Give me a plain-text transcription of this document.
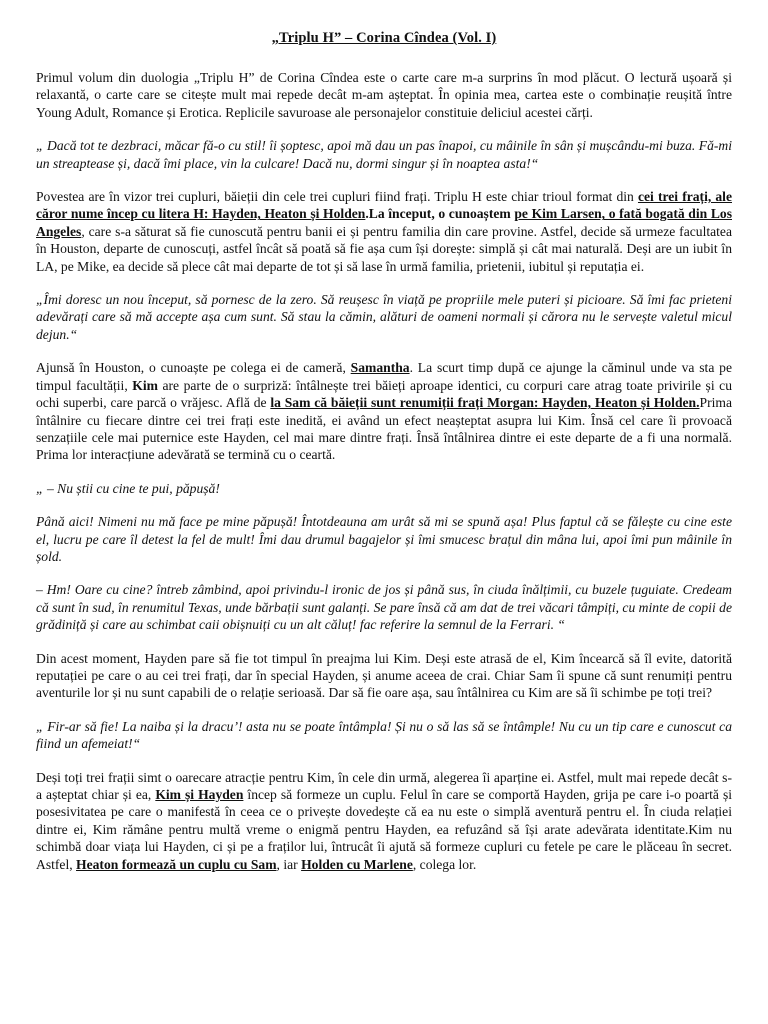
„Triplu H” – Corina Cîndea (Vol. I)

Primul volum din duologia „Triplu H” de Corina Cîndea este o carte care m-a surprins în mod plăcut. O lectură ușoară și relaxantă, o carte care se citește mult mai repede decât m-am așteptat. În opinia mea, cartea este o combinație reușită între Young Adult, Romance și Erotica. Replicile savuroase ale personajelor constituie deliciul acestei cărți.

„ Dacă tot te dezbraci, măcar fă-o cu stil! îi șoptesc, apoi mă dau un pas înapoi, cu mâinile în sân și mușcându-mi buza. Fă-mi un streaptease și, dacă îmi place, vin la culcare! Dacă nu, dormi singur și în noaptea asta!“

Povestea are în vizor trei cupluri, băieții din cele trei cupluri fiind frați. Triplu H este chiar trioul format din cei trei frați, ale căror nume încep cu litera H: Hayden, Heaton și Holden.La început, o cunoaștem pe Kim Larsen, o fată bogată din Los Angeles, care s-a săturat să fie cunoscută pentru banii ei și pentru familia din care provine. Astfel, decide să urmeze facultatea în Houston, departe de cunoscuți, astfel încât să poată să fie așa cum își dorește: simplă și cât mai naturală. Deși are un iubit în LA, pe Mike, ea decide să plece cât mai departe de tot și să lase în urmă familia, prietenii, iubitul și reputația ei.

„Îmi doresc un nou început, să pornesc de la zero. Să reușesc în viață pe propriile mele puteri și picioare. Să îmi fac prieteni adevărați care să mă accepte așa cum sunt. Să stau la cămin, alături de oameni normali și cărora nu le servește valetul micul dejun.“

Ajunsă în Houston, o cunoaște pe colega ei de cameră, Samantha. La scurt timp după ce ajunge la căminul unde va sta pe timpul facultății, Kim are parte de o surpriză: întâlnește trei băieți aproape identici, cu corpuri care atrag toate privirile și cu ochi superbi, care parcă o vrăjesc. Află de la Sam că băieții sunt renumiții frați Morgan: Hayden, Heaton și Holden.Prima întâlnire cu fiecare dintre cei trei frați este inedită, ei având un efect neașteptat asupra lui Kim. Însă cel care îi provoacă senzațiile cele mai puternice este Hayden, cel mai mare dintre frați. Însă întâlnirea dintre ei este departe de a fi una normală. Prima lor interacțiune adevărată se termină cu o ceartă.

„ – Nu știi cu cine te pui, păpușă!

Până aici! Nimeni nu mă face pe mine păpușă! Întotdeauna am urât să mi se spună așa! Plus faptul că se fălește cu cine este el, lucru pe care îl detest la fel de mult! Îmi dau drumul bagajelor și îmi smucesc brațul din mâna lui, apoi îmi pun mâinile în șold.

– Hm! Oare cu cine? întreb zâmbind, apoi privindu-l ironic de jos și până sus, în ciuda înălțimii, cu buzele țuguiate. Credeam că sunt în sud, în renumitul Texas, unde bărbații sunt galanți. Se pare însă că am dat de trei văcari tâmpiți, cu minte de copii de grădiniță și care au schimbat caii obișnuiți cu un alt căluț! fac referire la semnul de la Ferrari. “

Din acest moment, Hayden pare să fie tot timpul în preajma lui Kim. Deși este atrasă de el, Kim încearcă să îl evite, datorită reputației pe care o au cei trei frați, dar în special Hayden, și anume aceea de crai. Chiar Sam îi spune că sunt renumiți pentru aventurile lor și nu sunt capabili de o relație serioasă. Dar să fie oare așa, sau întâlnirea cu Kim are să îi schimbe pe toți trei?

„ Fir-ar să fie! La naiba și la dracu’! asta nu se poate întâmpla! Și nu o să las să se întâmple! Nu cu un tip care e cunoscut ca fiind un afemeiat!“

Deși toți trei frații simt o oarecare atracție pentru Kim, în cele din urmă, alegerea îi aparține ei. Astfel, mult mai repede decât s-a așteptat chiar și ea, Kim și Hayden încep să formeze un cuplu. Felul în care se comportă Hayden, grija pe care i-o poartă și posesivitatea pe care o manifestă în ceea ce o privește dovedește că ea nu este o simplă aventură pentru el. În ciuda relației dintre ei, Kim rămâne pentru multă vreme o enigmă pentru Hayden, ea refuzând să își arate adevărata identitate.Kim nu schimbă doar viața lui Hayden, ci și pe a fraților lui, întrucât îi ajută să formeze cupluri cu fetele pe care le plăceau în secret. Astfel, Heaton formează un cuplu cu Sam, iar Holden cu Marlene, colega lor.
